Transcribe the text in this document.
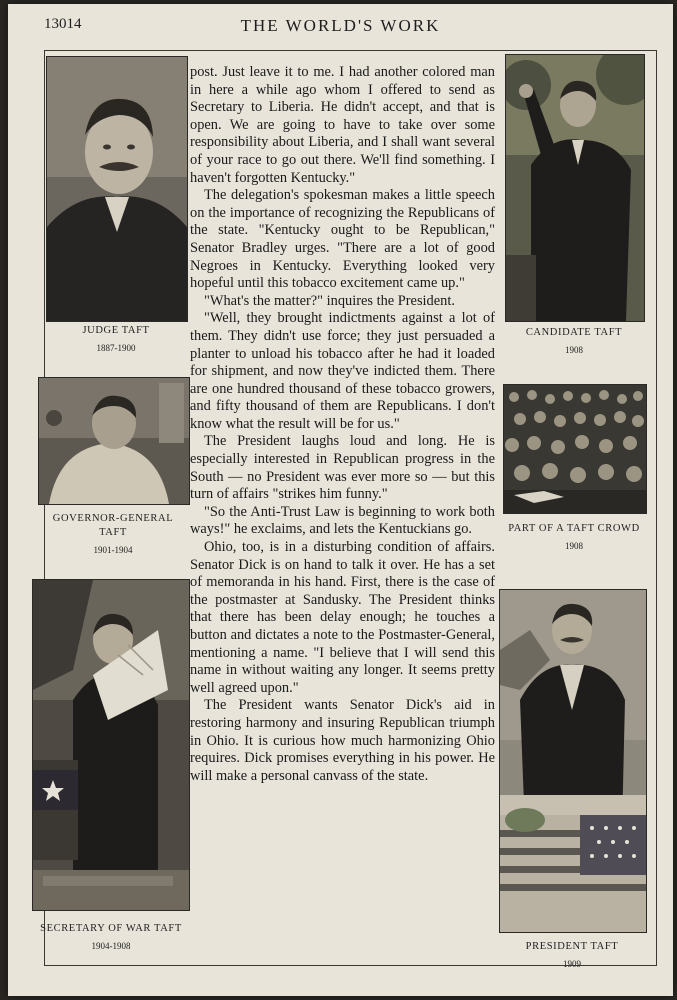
13014	THE WORLD'S WORK
JUDGE TAFT
1887-1900
GOVERNOR-GENERAL TAFT
1901-1904
SECRETARY OF WAR TAFT
1904-1908

post. Just leave it to me. I had another colored man in here a while ago whom I offered to send as Secretary to Liberia. He didn't accept, and that is open. We are going to have to take over some responsibility about Liberia, and I shall want several of your race to go out there. We'll find something. I haven't forgotten Kentucky."

The delegation's spokesman makes a little speech on the importance of recognizing the Republicans of the state. "Kentucky ought to be Republican," Senator Bradley urges. "There are a lot of good Negroes in Kentucky. Everything looked very hopeful until this tobacco excitement came up."

"What's the matter?" inquires the President.

"Well, they brought indictments against a lot of them. They didn't use force; they just persuaded a planter to unload his tobacco after he had it loaded for shipment, and now they've indicted them. There are one hundred thousand of these tobacco growers, and fifty thousand of them are Republicans. I don't know what the result will be for us."

The President laughs loud and long. He is especially interested in Republican progress in the South — no President was ever more so — but this turn of affairs "strikes him funny."

"So the Anti-Trust Law is beginning to work both ways!" he exclaims, and lets the Kentuckians go.

Ohio, too, is in a disturbing condition of affairs. Senator Dick is on hand to talk it over. He has a set of memoranda in his hand. First, there is the case of the postmaster at Sandusky. The President thinks that there has been delay enough; he touches a button and dictates a note to the Postmaster-General, mentioning a name. "I believe that I will send this name in without waiting any longer. It seems pretty well agreed upon."

The President wants Senator Dick's aid in restoring harmony and insuring Republican triumph in Ohio. It is curious how much harmonizing Ohio requires. Dick promises everything in his power. He will make a personal canvass of the state.

CANDIDATE TAFT
1908
PART OF A TAFT CROWD
1908
PRESIDENT TAFT
1909
